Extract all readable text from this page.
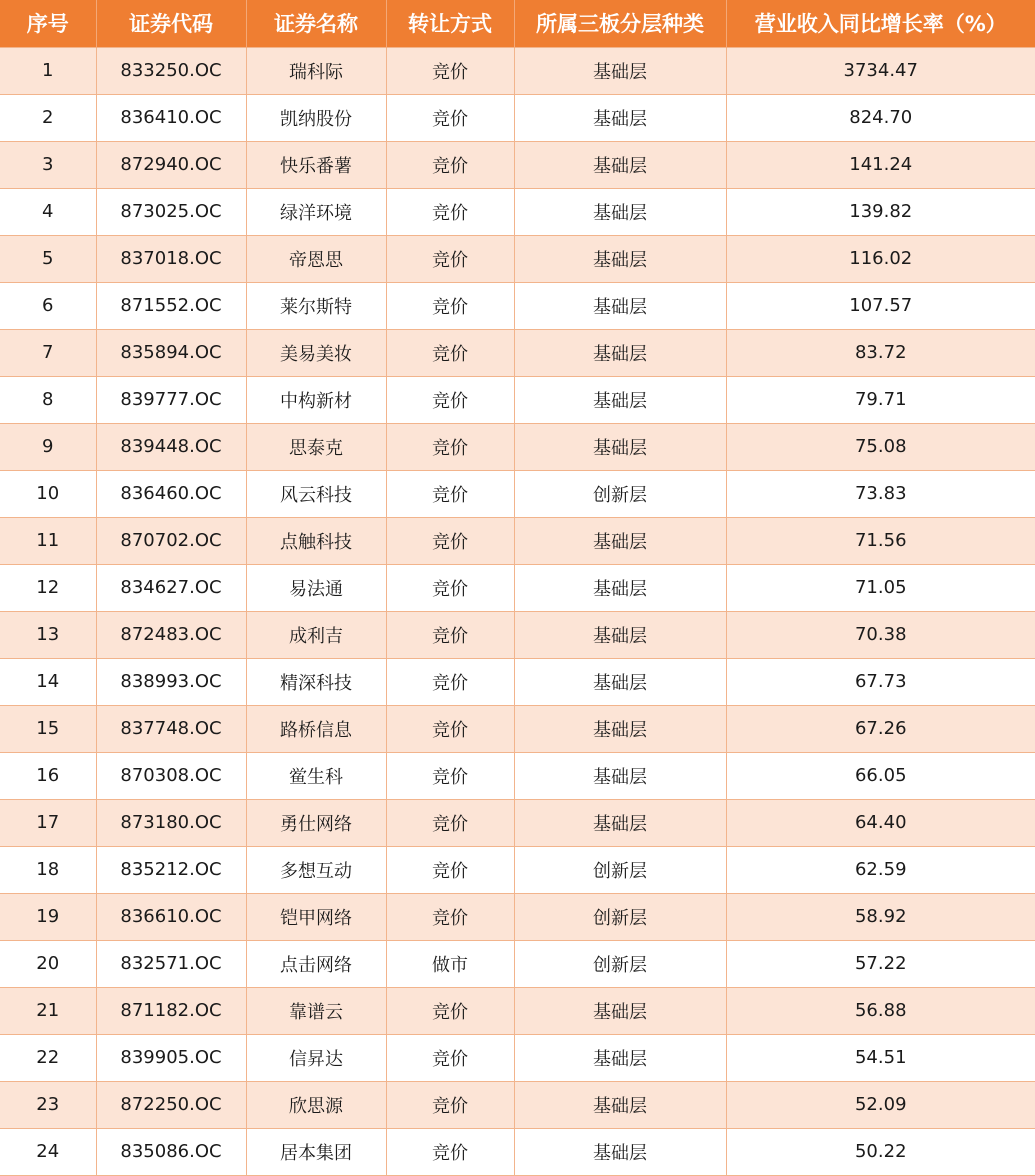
序号	证券代码	证券名称	转让方式	所属三板分层种类	营业收入同比增长率（%）
1	833250.OC	瑞科际	竞价	基础层	3734.47
2	836410.OC	凯纳股份	竞价	基础层	824.70
3	872940.OC	快乐番薯	竞价	基础层	141.24
4	873025.OC	绿洋环境	竞价	基础层	139.82
5	837018.OC	帝恩思	竞价	基础层	116.02
6	871552.OC	莱尔斯特	竞价	基础层	107.57
7	835894.OC	美易美妆	竞价	基础层	83.72
8	839777.OC	中构新材	竞价	基础层	79.71
9	839448.OC	思泰克	竞价	基础层	75.08
10	836460.OC	风云科技	竞价	创新层	73.83
11	870702.OC	点触科技	竞价	基础层	71.56
12	834627.OC	易法通	竞价	基础层	71.05
13	872483.OC	成利吉	竞价	基础层	70.38
14	838993.OC	精深科技	竞价	基础层	67.73
15	837748.OC	路桥信息	竞价	基础层	67.26
16	870308.OC	鲎生科	竞价	基础层	66.05
17	873180.OC	勇仕网络	竞价	基础层	64.40
18	835212.OC	多想互动	竞价	创新层	62.59
19	836610.OC	铠甲网络	竞价	创新层	58.92
20	832571.OC	点击网络	做市	创新层	57.22
21	871182.OC	靠谱云	竞价	基础层	56.88
22	839905.OC	信昇达	竞价	基础层	54.51
23	872250.OC	欣思源	竞价	基础层	52.09
24	835086.OC	居本集团	竞价	基础层	50.22
